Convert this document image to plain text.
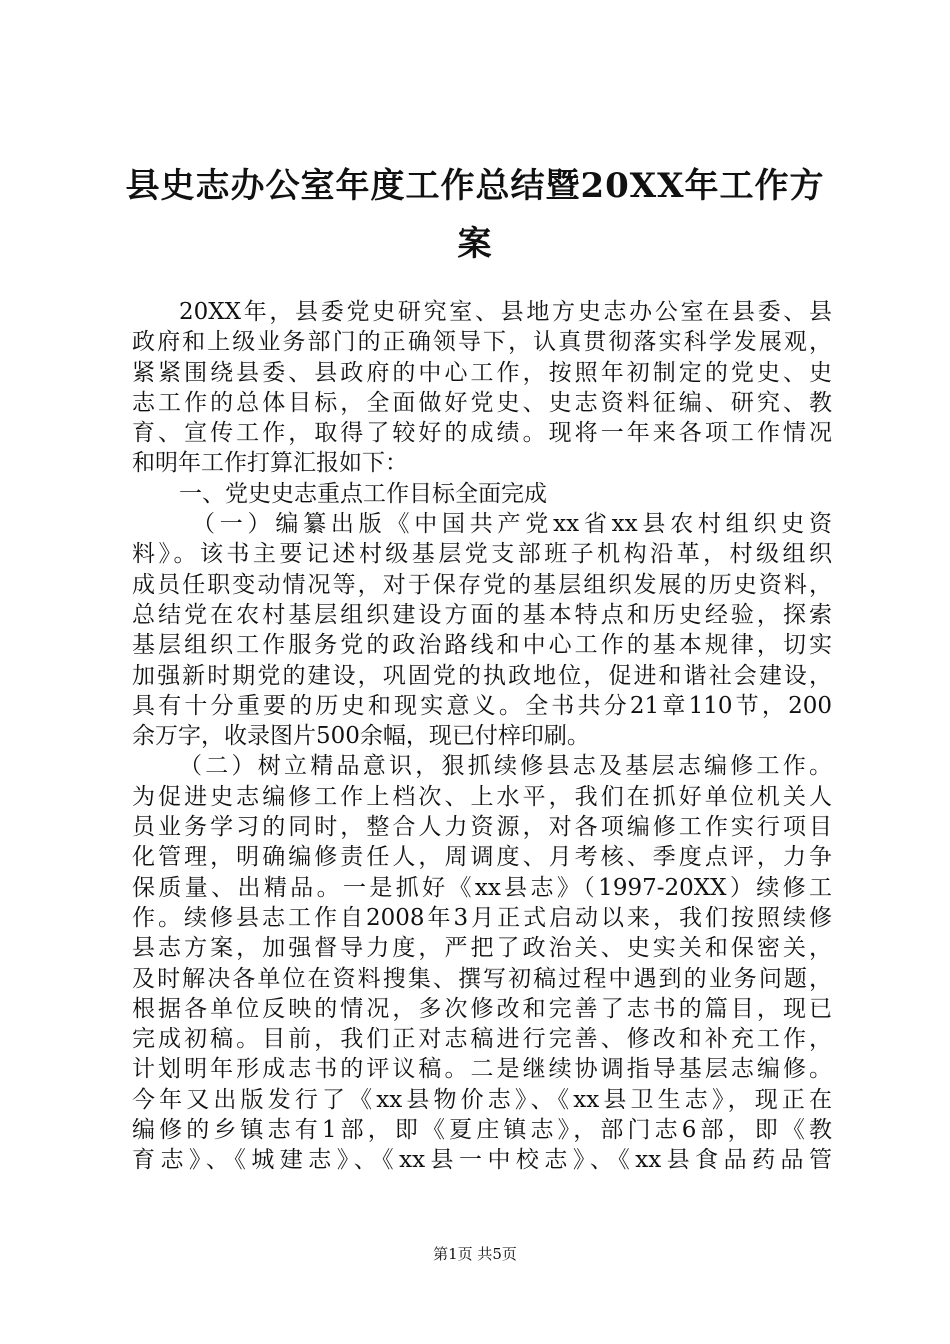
县史志办公室年度工作总结暨20XX年工作方
案
20XX年，县委党史研究室、县地方史志办公室在县委、县
政府和上级业务部门的正确领导下，认真贯彻落实科学发展观，
紧紧围绕县委、县政府的中心工作，按照年初制定的党史、史
志工作的总体目标，全面做好党史、史志资料征编、研究、教
育、宣传工作，取得了较好的成绩。现将一年来各项工作情况
和明年工作打算汇报如下：
一、党史史志重点工作目标全面完成
（一）编纂出版《中国共产党xx省xx县农村组织史资
料》。该书主要记述村级基层党支部班子机构沿革，村级组织
成员任职变动情况等，对于保存党的基层组织发展的历史资料，
总结党在农村基层组织建设方面的基本特点和历史经验，探索
基层组织工作服务党的政治路线和中心工作的基本规律，切实
加强新时期党的建设，巩固党的执政地位，促进和谐社会建设，
具有十分重要的历史和现实意义。全书共分21章110节，200
余万字，收录图片500余幅，现已付梓印刷。
（二）树立精品意识，狠抓续修县志及基层志编修工作。
为促进史志编修工作上档次、上水平，我们在抓好单位机关人
员业务学习的同时，整合人力资源，对各项编修工作实行项目
化管理，明确编修责任人，周调度、月考核、季度点评，力争
保质量、出精品。一是抓好《xx县志》（1997-20XX）续修工
作。续修县志工作自2008年3月正式启动以来，我们按照续修
县志方案，加强督导力度，严把了政治关、史实关和保密关，
及时解决各单位在资料搜集、撰写初稿过程中遇到的业务问题，
根据各单位反映的情况，多次修改和完善了志书的篇目，现已
完成初稿。目前，我们正对志稿进行完善、修改和补充工作，
计划明年形成志书的评议稿。二是继续协调指导基层志编修。
今年又出版发行了《xx县物价志》、《xx县卫生志》，现正在
编修的乡镇志有1部，即《夏庄镇志》，部门志6部，即《教
育志》、《城建志》、《xx县一中校志》、《xx县食品药品管
第1页 共5页
